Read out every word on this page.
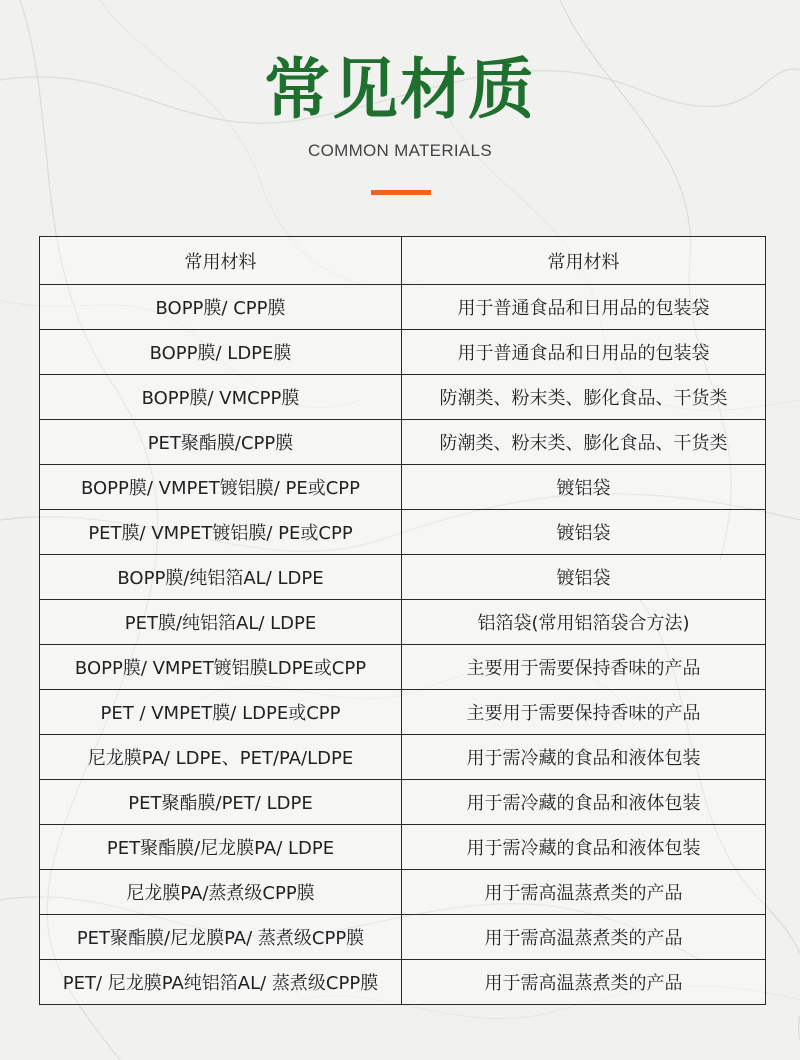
常见材质
COMMON MATERIALS
常用材料	常用材料
BOPP膜/ CPP膜	用于普通食品和日用品的包装袋
BOPP膜/ LDPE膜	用于普通食品和日用品的包装袋
BOPP膜/ VMCPP膜	防潮类、粉末类、膨化食品、干货类
PET聚酯膜/CPP膜	防潮类、粉末类、膨化食品、干货类
BOPP膜/ VMPET镀铝膜/ PE或CPP	镀铝袋
PET膜/ VMPET镀铝膜/ PE或CPP	镀铝袋
BOPP膜/纯铝箔AL/ LDPE	镀铝袋
PET膜/纯铝箔AL/ LDPE	铝箔袋(常用铝箔袋合方法)
BOPP膜/ VMPET镀铝膜LDPE或CPP	主要用于需要保持香味的产品
PET / VMPET膜/ LDPE或CPP	主要用于需要保持香味的产品
尼龙膜PA/ LDPE、PET/PA/LDPE	用于需冷藏的食品和液体包装
PET聚酯膜/PET/ LDPE	用于需冷藏的食品和液体包装
PET聚酯膜/尼龙膜PA/ LDPE	用于需冷藏的食品和液体包装
尼龙膜PA/蒸煮级CPP膜	用于需高温蒸煮类的产品
PET聚酯膜/尼龙膜PA/ 蒸煮级CPP膜	用于需高温蒸煮类的产品
PET/ 尼龙膜PA纯铝箔AL/ 蒸煮级CPP膜	用于需高温蒸煮类的产品
